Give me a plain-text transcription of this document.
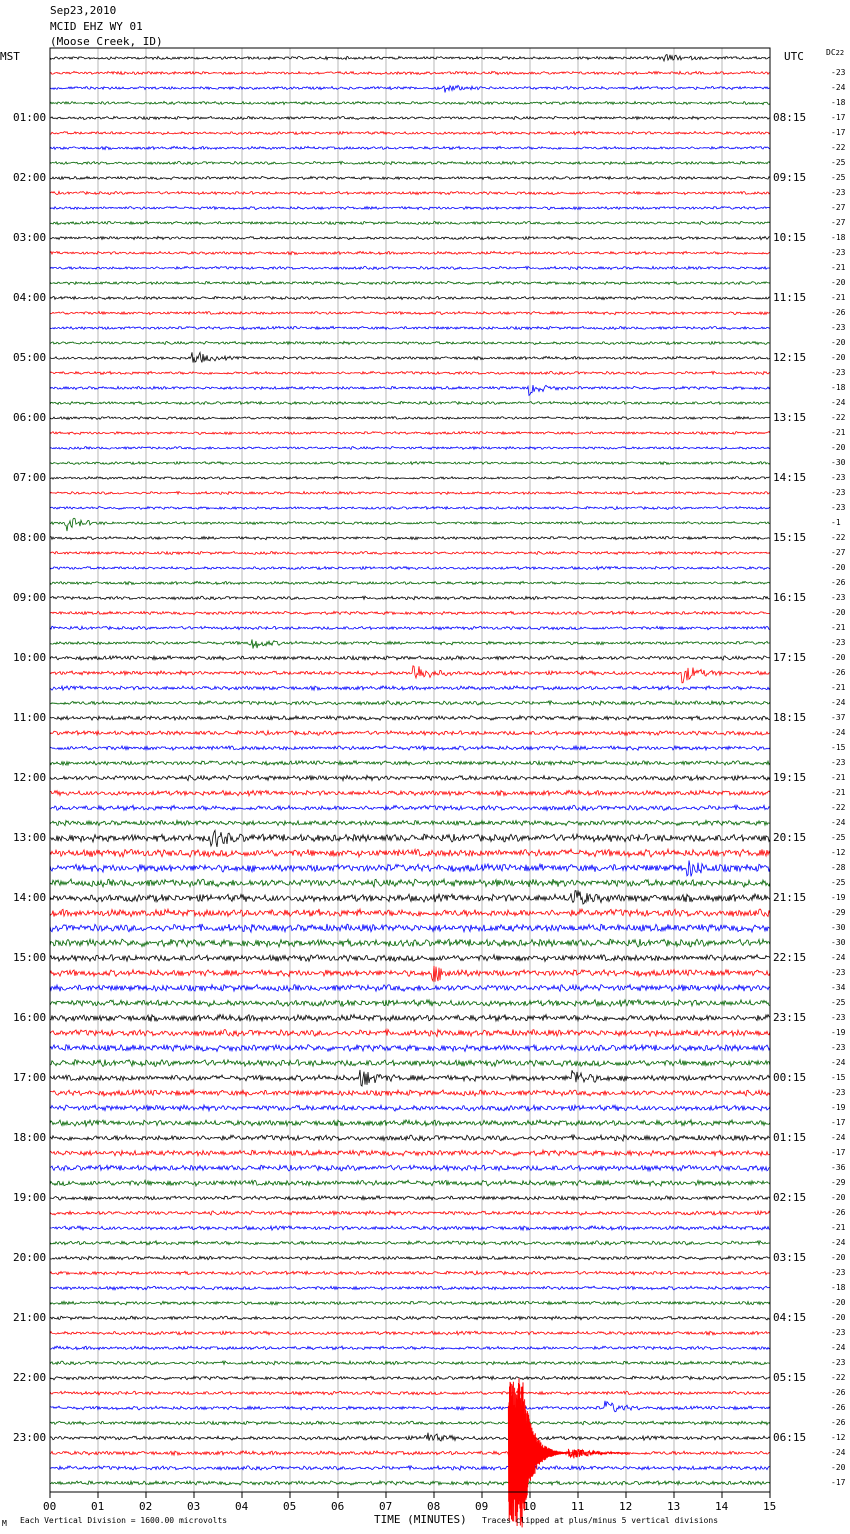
Sep23,2010
MCID EHZ WY 01
(Moose Creek, ID)
MST	UTC	DC22
01:00	08:15
02:00	09:15
03:00	10:15
04:00	11:15
05:00	12:15
06:00	13:15
07:00	14:15
08:00	15:15
09:00	16:15
10:00	17:15
11:00	18:15
12:00	19:15
13:00	20:15
14:00	21:15
15:00	22:15
16:00	23:15
17:00	00:15
18:00	01:15
19:00	02:15
20:00	03:15
21:00	04:15
22:00	05:15
23:00	06:15
-23
-24
-18
-17
-17
-22
-25
-25
-23
-27
-27
-18
-23
-21
-20
-21
-26
-23
-20
-20
-23
-18
-24
-22
-21
-20
-30
-23
-23
-23
-1
-22
-27
-20
-26
-23
-20
-21
-23
-20
-26
-21
-24
-37
-24
-15
-23
-21
-21
-22
-24
-25
-12
-28
-25
-19
-29
-30
-30
-24
-23
-34
-25
-23
-19
-23
-24
-15
-23
-19
-17
-24
-17
-36
-29
-20
-26
-21
-24
-20
-23
-18
-20
-20
-23
-24
-23
-22
-26
-26
-26
-12
-24
-20
-17
00	01	02	03	04	05	06	07	08	09	10	11	12	13	14	15
M Each Vertical Division = 1600.00 microvolts	TIME (MINUTES) Traces clipped at plus/minus 5 vertical divisions
